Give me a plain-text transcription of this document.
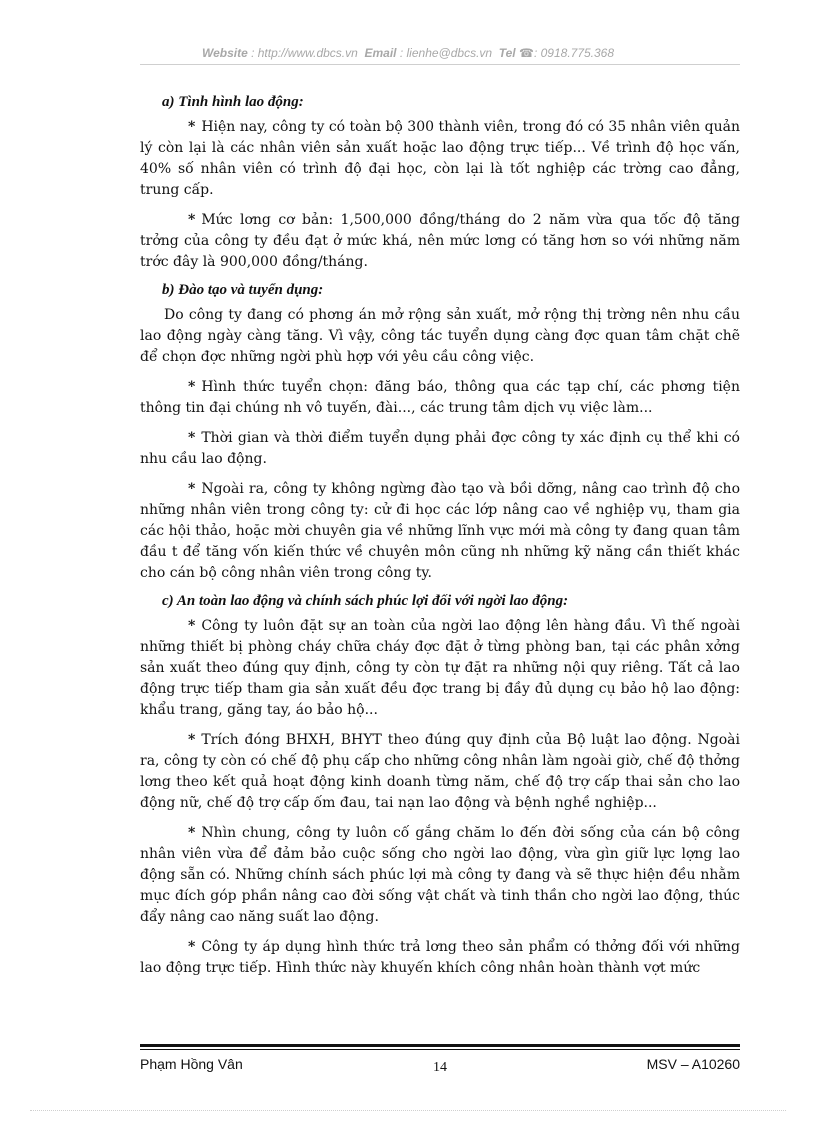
Website : http://www.dbcs.vn Email : lienhe@dbcs.vn Tel ☎: 0918.775.368
a) Tình hình lao động:

* Hiện nay, công ty có toàn bộ 300 thành viên, trong đó có 35 nhân viên quản lý còn lại là các nhân viên sản xuất hoặc lao động trực tiếp... Về trình độ học vấn, 40% số nhân viên có trình độ đại học, còn lại là tốt nghiệp các trờng cao đẳng, trung cấp.

* Mức lơng cơ bản: 1,500,000 đồng/tháng do 2 năm vừa qua tốc độ tăng trởng của công ty đều đạt ở mức khá, nên mức lơng có tăng hơn so với những năm trớc đây là 900,000 đồng/tháng.

b) Đào tạo và tuyển dụng:

Do công ty đang có phơng án mở rộng sản xuất, mở rộng thị trờng nên nhu cầu lao động ngày càng tăng. Vì vậy, công tác tuyển dụng càng đợc quan tâm chặt chẽ để chọn đợc những ngời phù hợp với yêu cầu công việc.

* Hình thức tuyển chọn: đăng báo, thông qua các tạp chí, các phơng tiện thông tin đại chúng nh vô tuyến, đài..., các trung tâm dịch vụ việc làm...

* Thời gian và thời điểm tuyển dụng phải đợc công ty xác định cụ thể khi có nhu cầu lao động.

* Ngoài ra, công ty không ngừng đào tạo và bồi dỡng, nâng cao trình độ cho những nhân viên trong công ty: cử đi học các lớp nâng cao về nghiệp vụ, tham gia các hội thảo, hoặc mời chuyên gia về những lĩnh vực mới mà công ty đang quan tâm đầu t để tăng vốn kiến thức về chuyên môn cũng nh những kỹ năng cần thiết khác cho cán bộ công nhân viên trong công ty.

c) An toàn lao động và chính sách phúc lợi đối với ngời lao động:

* Công ty luôn đặt sự an toàn của ngời lao động lên hàng đầu. Vì thế ngoài những thiết bị phòng cháy chữa cháy đợc đặt ở từng phòng ban, tại các phân xởng sản xuất theo đúng quy định, công ty còn tự đặt ra những nội quy riêng. Tất cả lao động trực tiếp tham gia sản xuất đều đợc trang bị đầy đủ dụng cụ bảo hộ lao động: khẩu trang, găng tay, áo bảo hộ...

* Trích đóng BHXH, BHYT theo đúng quy định của Bộ luật lao động. Ngoài ra, công ty còn có chế độ phụ cấp cho những công nhân làm ngoài giờ, chế độ thởng lơng theo kết quả hoạt động kinh doanh từng năm, chế độ trợ cấp thai sản cho lao động nữ, chế độ trợ cấp ốm đau, tai nạn lao động và bệnh nghề nghiệp...

* Nhìn chung, công ty luôn cố gắng chăm lo đến đời sống của cán bộ công nhân viên vừa để đảm bảo cuộc sống cho ngời lao động, vừa gìn giữ lực lợng lao động sẵn có. Những chính sách phúc lợi mà công ty đang và sẽ thực hiện đều nhằm mục đích góp phần nâng cao đời sống vật chất và tinh thần cho ngời lao động, thúc đẩy nâng cao năng suất lao động.

* Công ty áp dụng hình thức trả lơng theo sản phẩm có thởng đối với những lao động trực tiếp. Hình thức này khuyến khích công nhân hoàn thành vợt mức

Phạm Hồng Vân	14	MSV – A10260
